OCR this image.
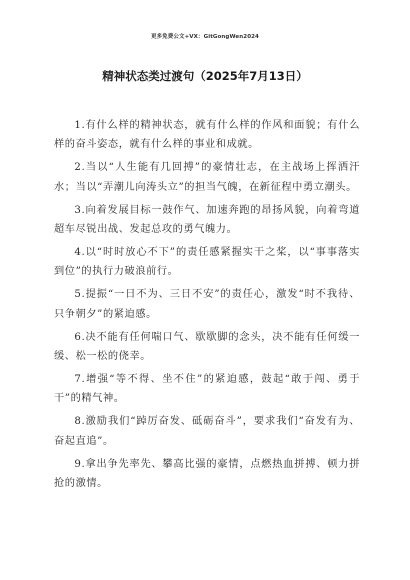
更多免费公文+VX：GitGongWen2024
精神状态类过渡句（2025年7月13日）

1.有什么样的精神状态，就有什么样的作风和面貌；有什么样的奋斗姿态，就有什么样的事业和成就。

2.当以“人生能有几回搏”的豪情壮志，在主战场上挥洒汗水；当以“弄潮儿向涛头立”的担当气魄，在新征程中勇立潮头。

3.向着发展目标一鼓作气、加速奔跑的昂扬风貌，向着弯道超车尽锐出战、发起总攻的勇气魄力。

4.以“时时放心不下”的责任感紧握实干之桨，以“事事落实到位”的执行力破浪前行。

5.提振“一日不为、三日不安”的责任心，激发“时不我待、只争朝夕”的紧迫感。

6.决不能有任何喘口气、歇歇脚的念头，决不能有任何缓一缓、松一松的侥幸。

7.增强“等不得、坐不住”的紧迫感，鼓起“敢于闯、勇于干”的精气神。

8.激励我们“踔厉奋发、砥砺奋斗”，要求我们“奋发有为、奋起直追”。

9.拿出争先率先、攀高比强的豪情，点燃热血拼搏、顿力拼抢的激情。
